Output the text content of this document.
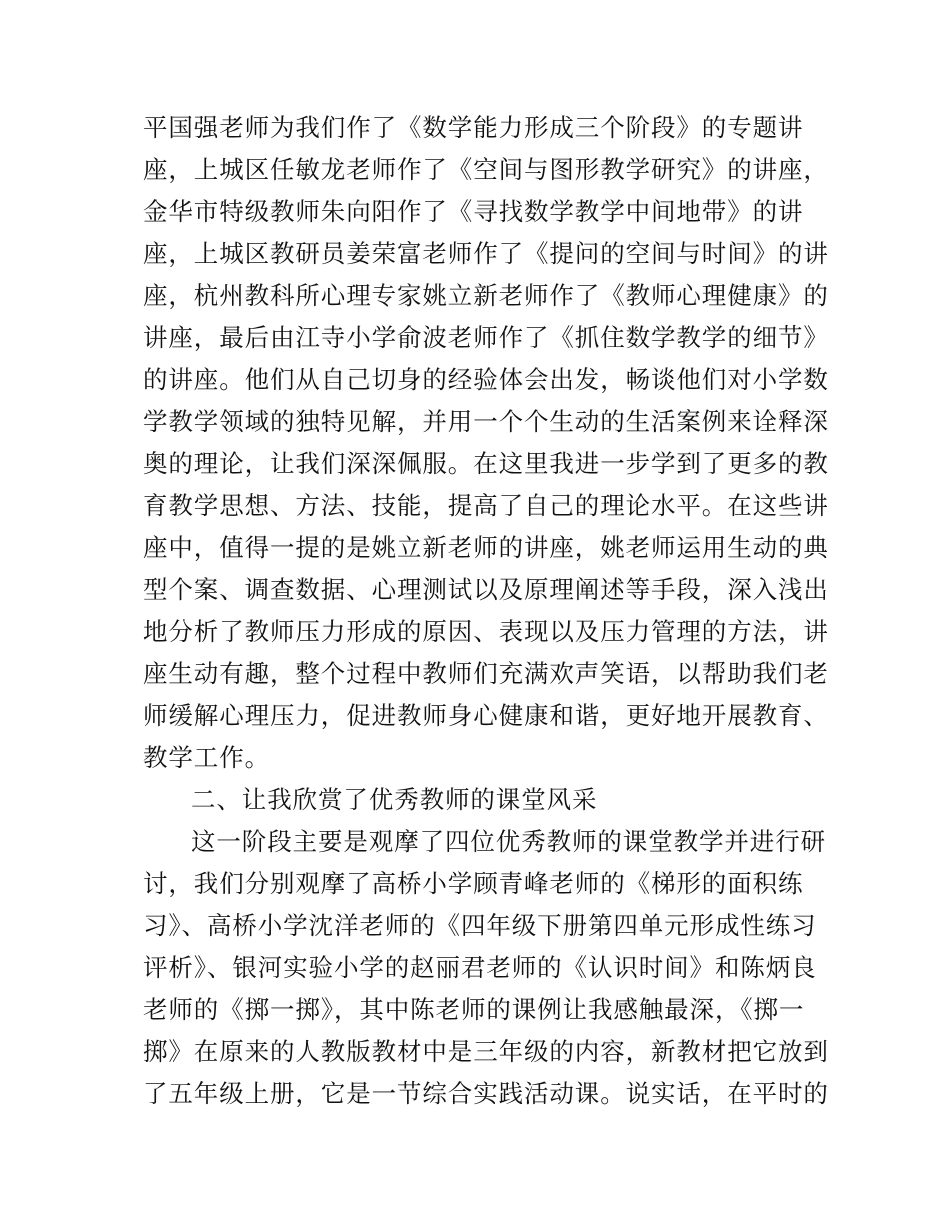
平国强老师为我们作了《数学能力形成三个阶段》的专题讲
座，上城区任敏龙老师作了《空间与图形教学研究》的讲座，
金华市特级教师朱向阳作了《寻找数学教学中间地带》的讲
座，上城区教研员姜荣富老师作了《提问的空间与时间》的讲
座，杭州教科所心理专家姚立新老师作了《教师心理健康》的
讲座，最后由江寺小学俞波老师作了《抓住数学教学的细节》
的讲座。他们从自己切身的经验体会出发，畅谈他们对小学数
学教学领域的独特见解，并用一个个生动的生活案例来诠释深
奥的理论，让我们深深佩服。在这里我进一步学到了更多的教
育教学思想、方法、技能，提高了自己的理论水平。在这些讲
座中，值得一提的是姚立新老师的讲座，姚老师运用生动的典
型个案、调查数据、心理测试以及原理阐述等手段，深入浅出
地分析了教师压力形成的原因、表现以及压力管理的方法，讲
座生动有趣，整个过程中教师们充满欢声笑语，以帮助我们老
师缓解心理压力，促进教师身心健康和谐，更好地开展教育、
教学工作。
二、让我欣赏了优秀教师的课堂风采
这一阶段主要是观摩了四位优秀教师的课堂教学并进行研
讨，我们分别观摩了高桥小学顾青峰老师的《梯形的面积练
习》、高桥小学沈洋老师的《四年级下册第四单元形成性练习
评析》、银河实验小学的赵丽君老师的《认识时间》和陈炳良
老师的《掷一掷》，其中陈老师的课例让我感触最深，《掷一
掷》在原来的人教版教材中是三年级的内容，新教材把它放到
了五年级上册，它是一节综合实践活动课。说实话，在平时的
